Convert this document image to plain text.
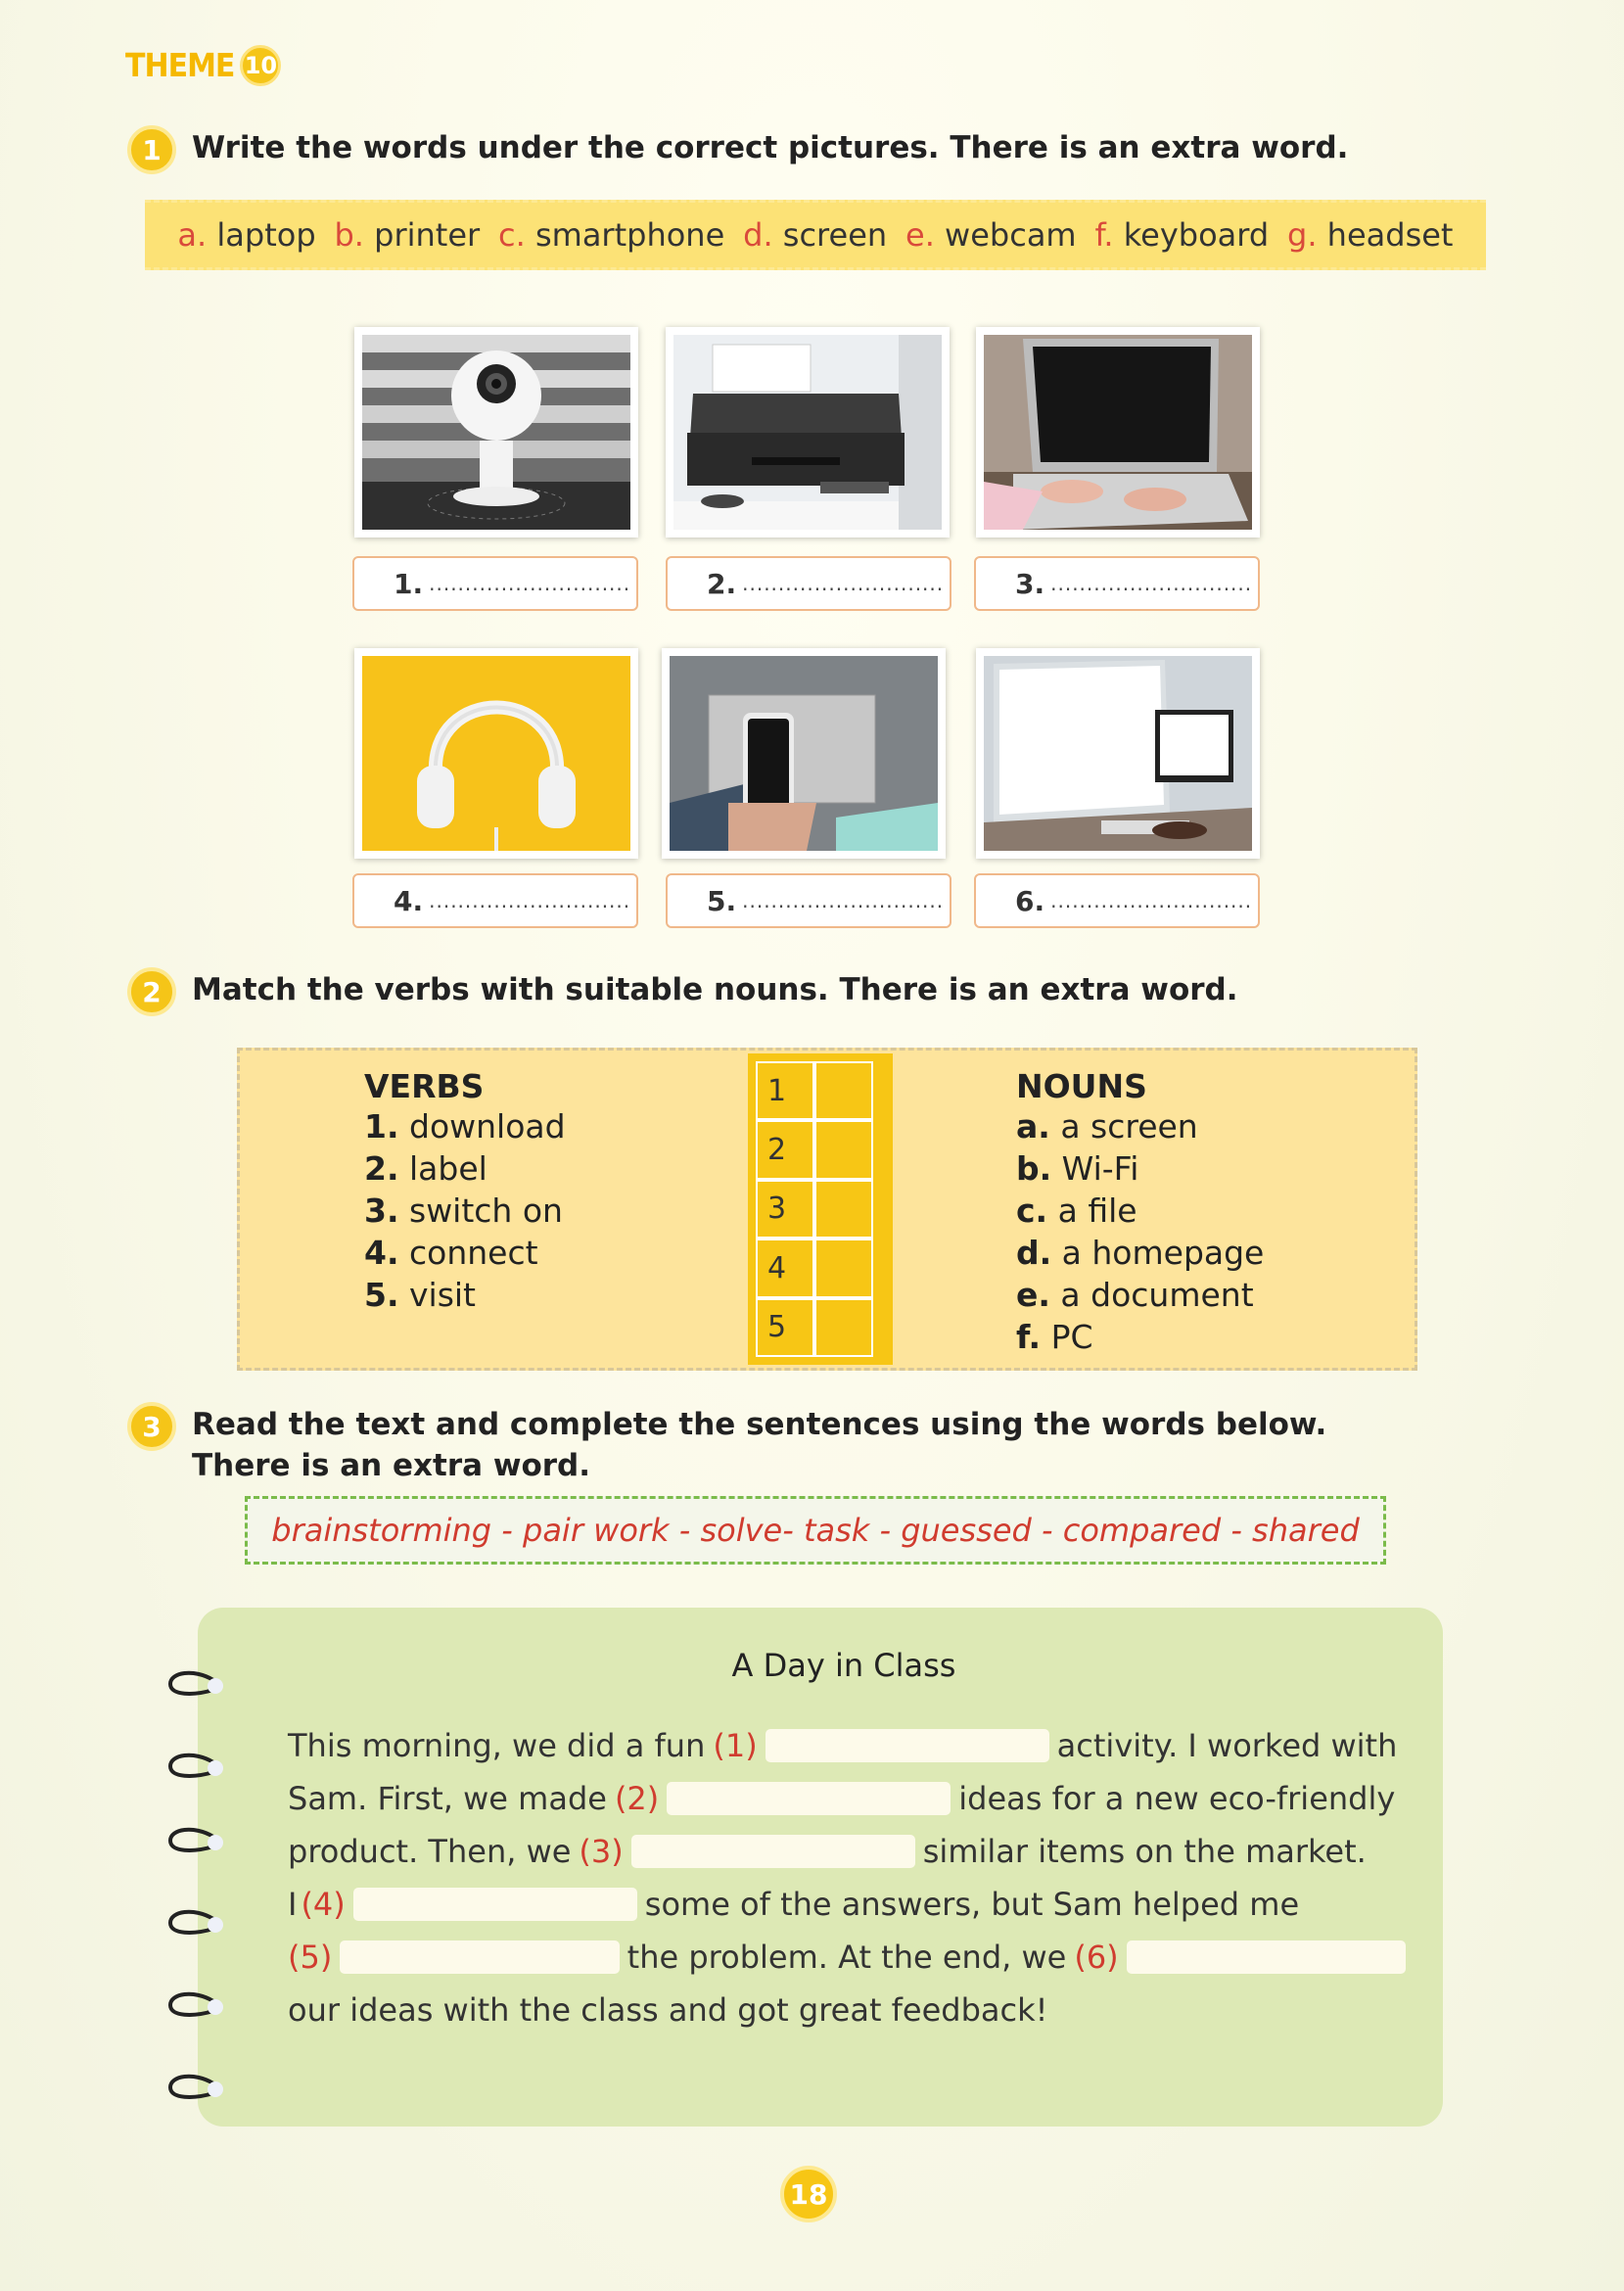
THEME 10
1	Write the words under the correct pictures. There is an extra word.
a. laptop b. printer c. smartphone d. screen e. webcam f. keyboard g. headset
1. ............................	2. ............................	3. ............................
4. ............................	5. ............................	6. ............................
2	Match the verbs with suitable nouns. There is an extra word.
VERBS
1. download
2. label
3. switch on
4. connect
5. visit
1
2
3
4
5
NOUNS
a. a screen
b. Wi-Fi
c. a file
d. a homepage
e. a document
f. PC
3	Read the text and complete the sentences using the words below. There is an extra word.
brainstorming - pair work - solve- task - guessed - compared - shared
A Day in Class
This morning, we did a fun (1)	activity. I worked with
Sam. First, we made (2)	ideas for a new eco-friendly
product. Then, we (3)	similar items on the market.
I (4)	some of the answers, but Sam helped me
(5)	the problem. At the end, we (6)
our ideas with the class and got great feedback!
18
